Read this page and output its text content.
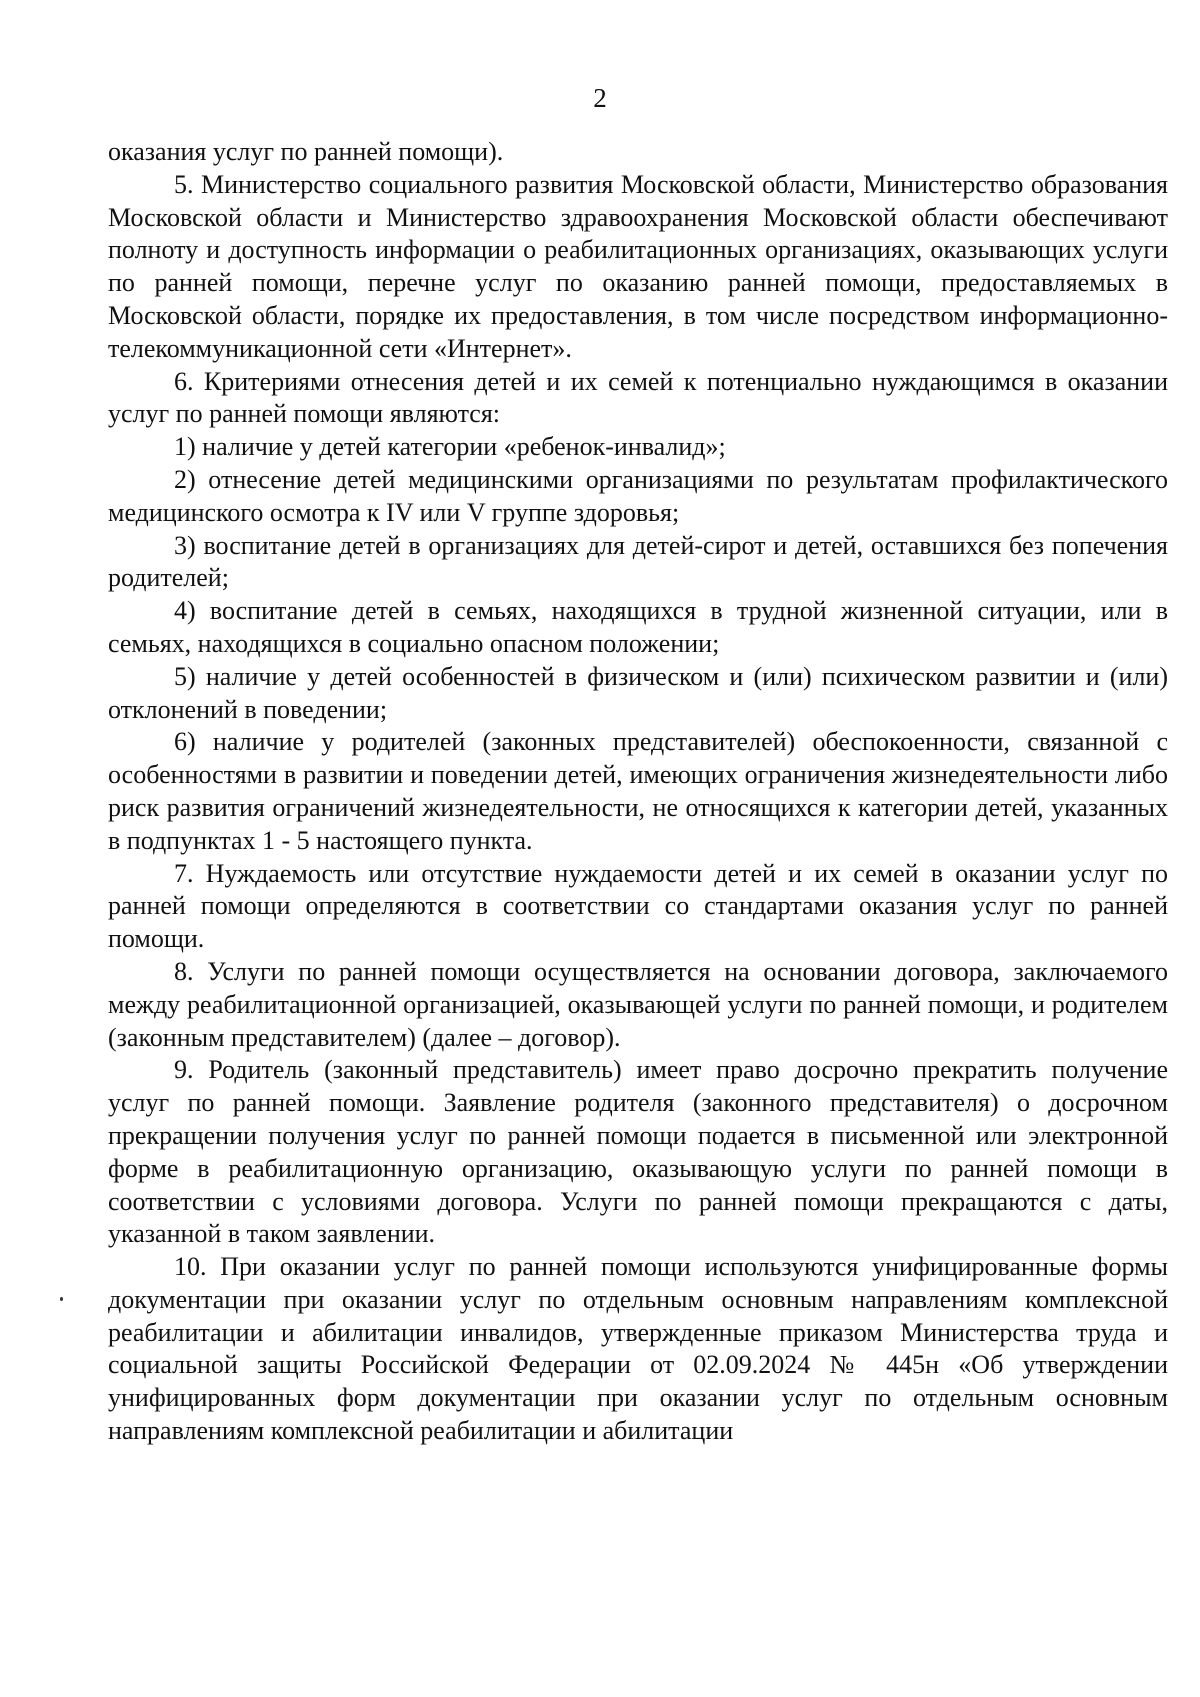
2

оказания услуг по ранней помощи).

5. Министерство социального развития Московской области, Министерство образования Московской области и Министерство здравоохранения Московской области обеспечивают полноту и доступность информации о реабилитационных организациях, оказывающих услуги по ранней помощи, перечне услуг по оказанию ранней помощи, предоставляемых в Московской области, порядке их предоставления, в том числе посредством информационно-телекоммуникационной сети «Интернет».

6. Критериями отнесения детей и их семей к потенциально нуждающимся в оказании услуг по ранней помощи являются:

1) наличие у детей категории «ребенок-инвалид»;

2) отнесение детей медицинскими организациями по результатам профилактического медицинского осмотра к IV или V группе здоровья;

3) воспитание детей в организациях для детей-сирот и детей, оставшихся без попечения родителей;

4) воспитание детей в семьях, находящихся в трудной жизненной ситуации, или в семьях, находящихся в социально опасном положении;

5) наличие у детей особенностей в физическом и (или) психическом развитии и (или) отклонений в поведении;

6) наличие у родителей (законных представителей) обеспокоенности, связанной с особенностями в развитии и поведении детей, имеющих ограничения жизнедеятельности либо риск развития ограничений жизнедеятельности, не относящихся к категории детей, указанных в подпунктах 1 - 5 настоящего пункта.

7. Нуждаемость или отсутствие нуждаемости детей и их семей в оказании услуг по ранней помощи определяются в соответствии со стандартами оказания услуг по ранней помощи.

8. Услуги по ранней помощи осуществляется на основании договора, заключаемого между реабилитационной организацией, оказывающей услуги по ранней помощи, и родителем (законным представителем) (далее – договор).

9. Родитель (законный представитель) имеет право досрочно прекратить получение услуг по ранней помощи. Заявление родителя (законного представителя) о досрочном прекращении получения услуг по ранней помощи подается в письменной или электронной форме в реабилитационную организацию, оказывающую услуги по ранней помощи в соответствии с условиями договора. Услуги по ранней помощи прекращаются с даты, указанной в таком заявлении.

10. При оказании услуг по ранней помощи используются унифицированные формы документации при оказании услуг по отдельным основным направлениям комплексной реабилитации и абилитации инвалидов, утвержденные приказом Министерства труда и социальной защиты Российской Федерации от 02.09.2024 № 445н «Об утверждении унифицированных форм документации при оказании услуг по отдельным основным направлениям комплексной реабилитации и абилитации
